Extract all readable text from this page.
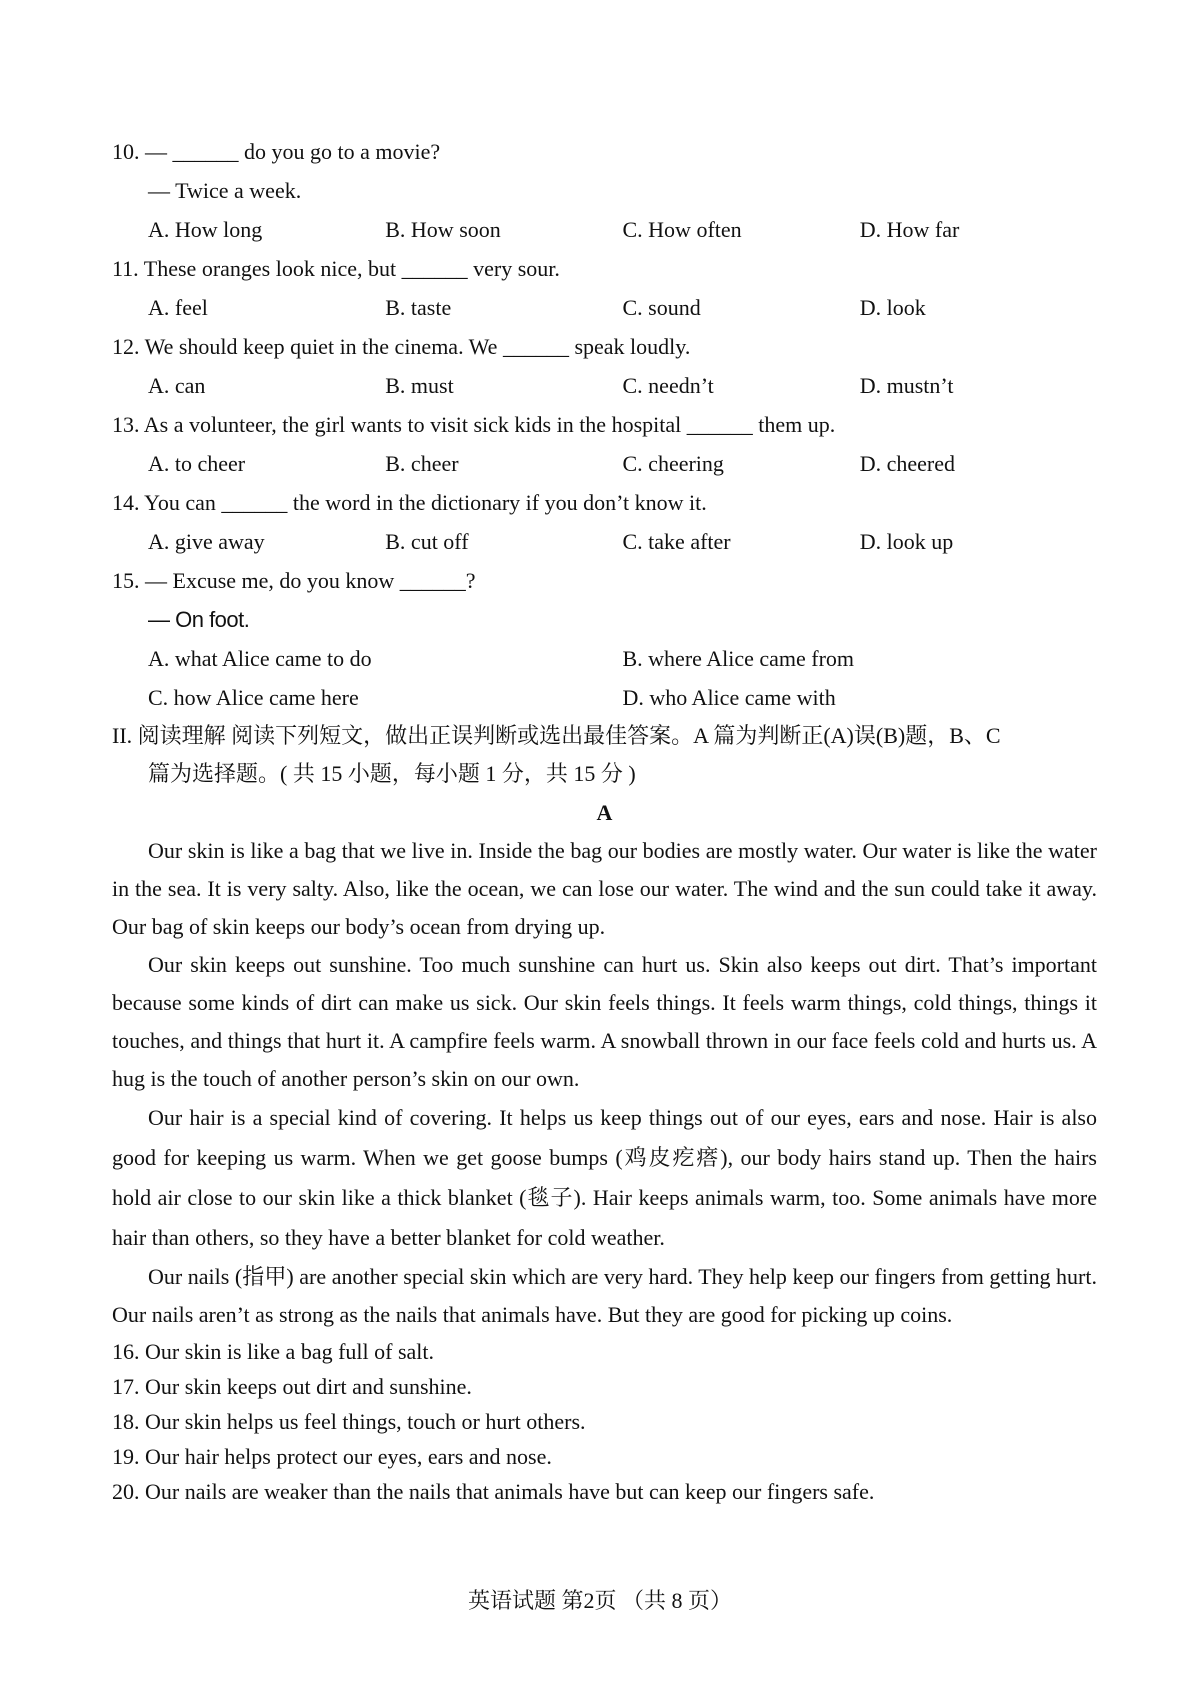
10. — ______ do you go to a movie?
— Twice a week.
A. How long	B. How soon	C. How often	D. How far
11. These oranges look nice, but ______ very sour.
A. feel	B. taste	C. sound	D. look
12. We should keep quiet in the cinema. We ______ speak loudly.
A. can	B. must	C. needn’t	D. mustn’t
13. As a volunteer, the girl wants to visit sick kids in the hospital ______ them up.
A. to cheer	B. cheer	C. cheering	D. cheered
14. You can ______ the word in the dictionary if you don’t know it.
A. give away	B. cut off	C. take after	D. look up
15. — Excuse me, do you know ______?
— On foot.
A. what Alice came to do	B. where Alice came from
C. how Alice came here	D. who Alice came with
II. 阅读理解 阅读下列短文，做出正误判断或选出最佳答案。A 篇为判断正(A)误(B)题，B、C
篇为选择题。( 共 15 小题，每小题 1 分，共 15 分 )
A

Our skin is like a bag that we live in. Inside the bag our bodies are mostly water. Our water is like the water in the sea. It is very salty. Also, like the ocean, we can lose our water. The wind and the sun could take it away. Our bag of skin keeps our body’s ocean from drying up.

Our skin keeps out sunshine. Too much sunshine can hurt us. Skin also keeps out dirt. That’s important because some kinds of dirt can make us sick. Our skin feels things. It feels warm things, cold things, things it touches, and things that hurt it. A campfire feels warm. A snowball thrown in our face feels cold and hurts us. A hug is the touch of another person’s skin on our own.

Our hair is a special kind of covering. It helps us keep things out of our eyes, ears and nose. Hair is also good for keeping us warm. When we get goose bumps (鸡皮疙瘩), our body hairs stand up. Then the hairs hold air close to our skin like a thick blanket (毯子). Hair keeps animals warm, too. Some animals have more hair than others, so they have a better blanket for cold weather.

Our nails (指甲) are another special skin which are very hard. They help keep our fingers from getting hurt. Our nails aren’t as strong as the nails that animals have. But they are good for picking up coins.

16. Our skin is like a bag full of salt.
17. Our skin keeps out dirt and sunshine.
18. Our skin helps us feel things, touch or hurt others.
19. Our hair helps protect our eyes, ears and nose.
20. Our nails are weaker than the nails that animals have but can keep our fingers safe.
英语试题 第2页 （共 8 页）
